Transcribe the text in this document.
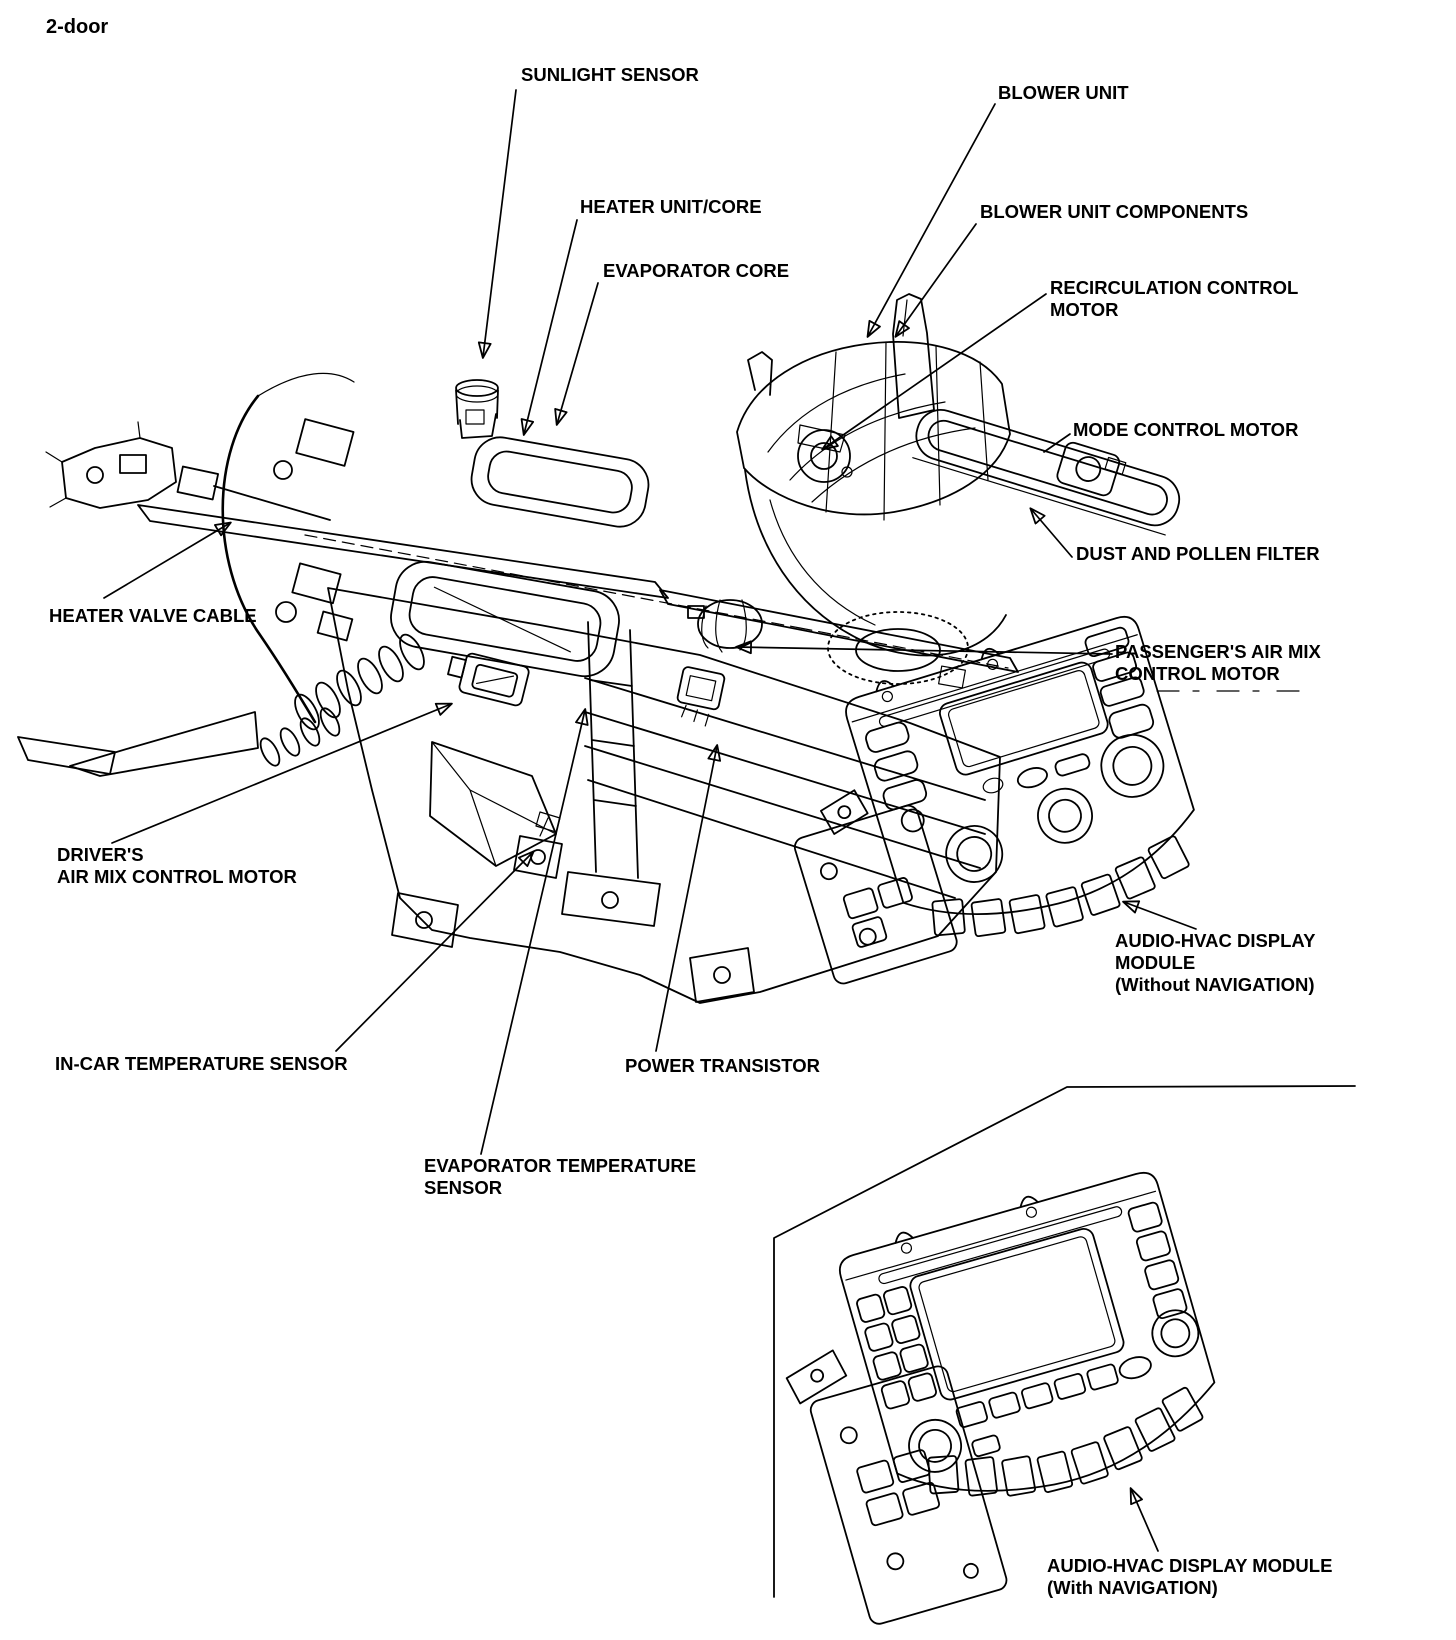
2-door
SUNLIGHT SENSOR
BLOWER UNIT
HEATER UNIT/CORE
EVAPORATOR CORE
BLOWER UNIT COMPONENTS
RECIRCULATION CONTROL
MOTOR
MODE CONTROL MOTOR
DUST AND POLLEN FILTER
PASSENGER'S AIR MIX
CONTROL MOTOR
HEATER VALVE CABLE
DRIVER'S
AIR MIX CONTROL MOTOR
IN-CAR TEMPERATURE SENSOR	POWER TRANSISTOR
EVAPORATOR TEMPERATURE
SENSOR
AUDIO-HVAC DISPLAY
MODULE
(Without NAVIGATION)
AUDIO-HVAC DISPLAY MODULE
(With NAVIGATION)
